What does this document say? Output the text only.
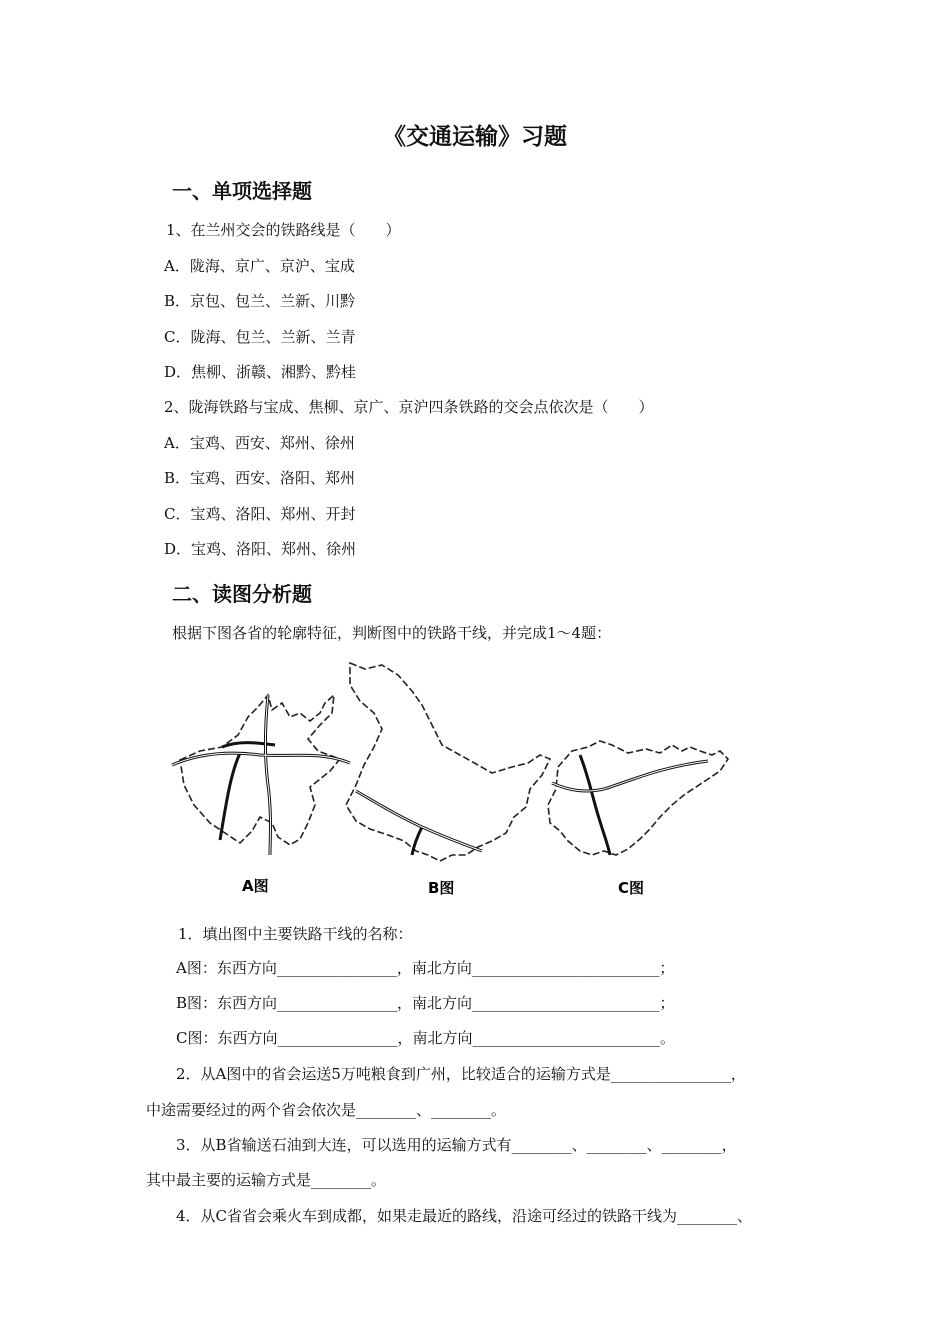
《交通运输》习题
一、单项选择题
1、在兰州交会的铁路线是（　　）
A．陇海、京广、京沪、宝成
B．京包、包兰、兰新、川黔
C．陇海、包兰、兰新、兰青
D．焦柳、浙赣、湘黔、黔桂
2、陇海铁路与宝成、焦柳、京广、京沪四条铁路的交会点依次是（　　）
A．宝鸡、西安、郑州、徐州
B．宝鸡、西安、洛阳、郑州
C．宝鸡、洛阳、郑州、开封
D．宝鸡、洛阳、郑州、徐州
二、读图分析题
根据下图各省的轮廓特征，判断图中的铁路干线，并完成1～4题：
A图	B图	C图
1．填出图中主要铁路干线的名称：
A图：东西方向________________，南北方向_________________________；
B图：东西方向________________，南北方向_________________________；
C图：东西方向________________，南北方向_________________________。
2．从A图中的省会运送5万吨粮食到广州，比较适合的运输方式是________________，
中途需要经过的两个省会依次是________、________。
3．从B省输送石油到大连，可以选用的运输方式有________、________、________，
其中最主要的运输方式是________。
4．从C省省会乘火车到成都，如果走最近的路线，沿途可经过的铁路干线为________、
